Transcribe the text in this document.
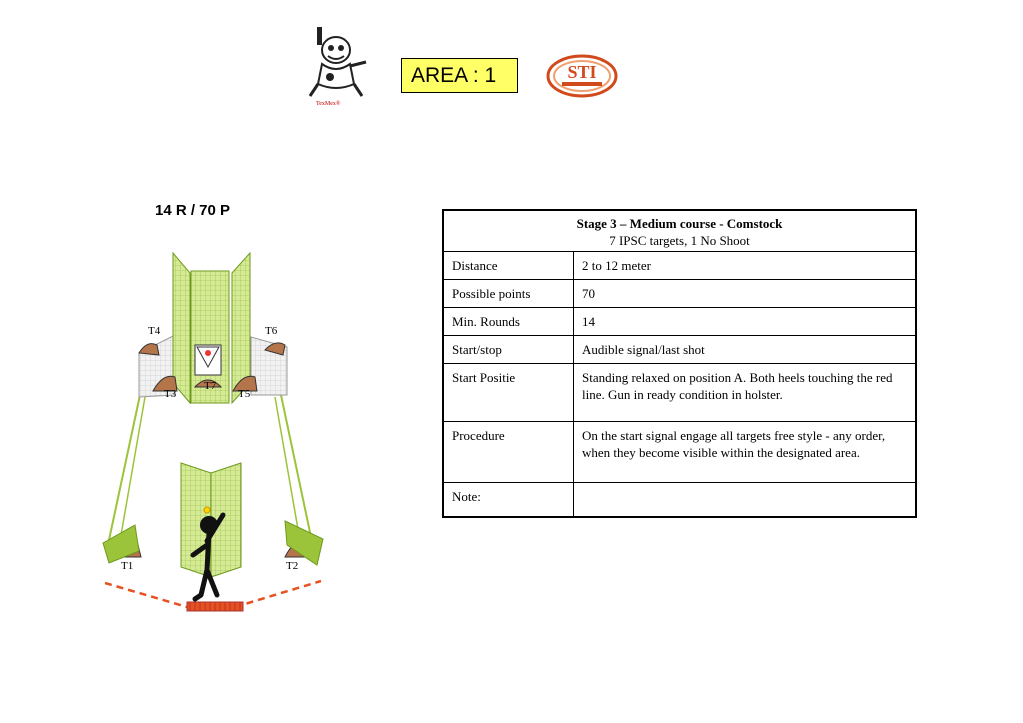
TexMex®
AREA : 1	STI
14 R / 70 P
T4	T6
T3
T7
T5
T1	T2
Stage 3 – Medium course - Comstock
7 IPSC targets, 1 No Shoot	

Distance	2 to 12 meter
Possible points	70
Min. Rounds	14
Start/stop	Audible signal/last shot
Start Positie	Standing relaxed on position A. Both heels touching the red line. Gun in ready condition in holster.
Procedure	On the start signal engage all targets free style - any order, when they become visible within the designated area.
Note:	
